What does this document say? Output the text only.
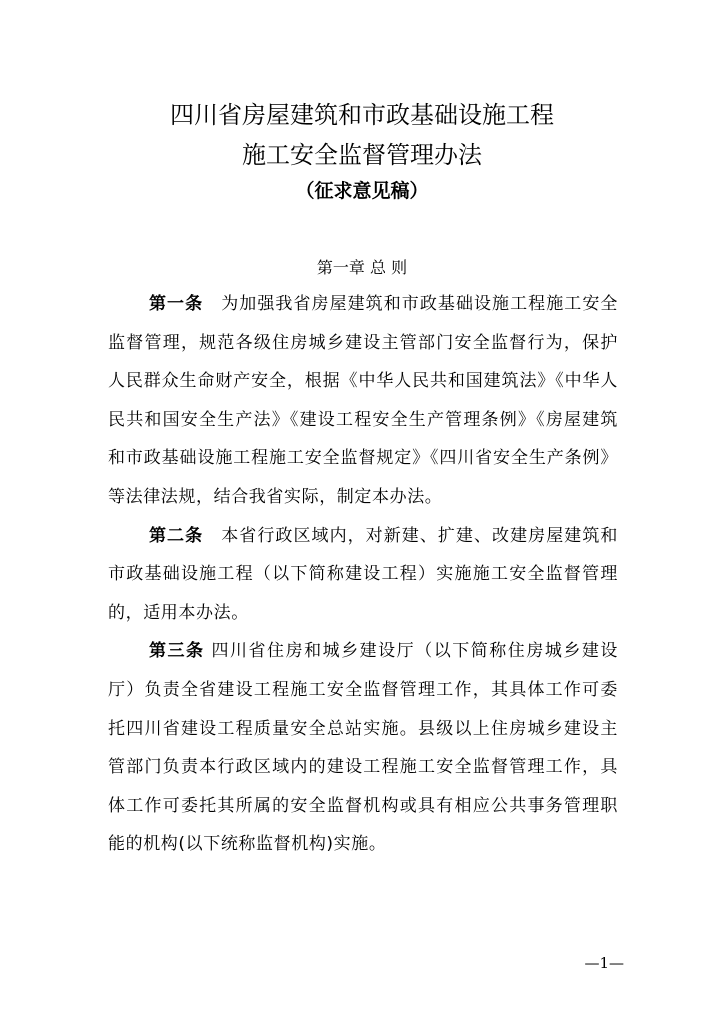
四川省房屋建筑和市政基础设施工程
施工安全监督管理办法
（征求意见稿）
第一章 总 则

第一条　 为加强我省房屋建筑和市政基础设施工程施工安全监督管理，规范各级住房城乡建设主管部门安全监督行为，保护人民群众生命财产安全，根据《中华人民共和国建筑法》《中华人民共和国安全生产法》《建设工程安全生产管理条例》《房屋建筑和市政基础设施工程施工安全监督规定》《四川省安全生产条例》等法律法规，结合我省实际，制定本办法。

第二条　 本省行政区域内，对新建、扩建、改建房屋建筑和市政基础设施工程（以下简称建设工程）实施施工安全监督管理的，适用本办法。

第三条 四川省住房和城乡建设厅（以下简称住房城乡建设厅）负责全省建设工程施工安全监督管理工作，其具体工作可委托四川省建设工程质量安全总站实施。县级以上住房城乡建设主管部门负责本行政区域内的建设工程施工安全监督管理工作，具体工作可委托其所属的安全监督机构或具有相应公共事务管理职能的机构(以下统称监督机构)实施。

—1—
